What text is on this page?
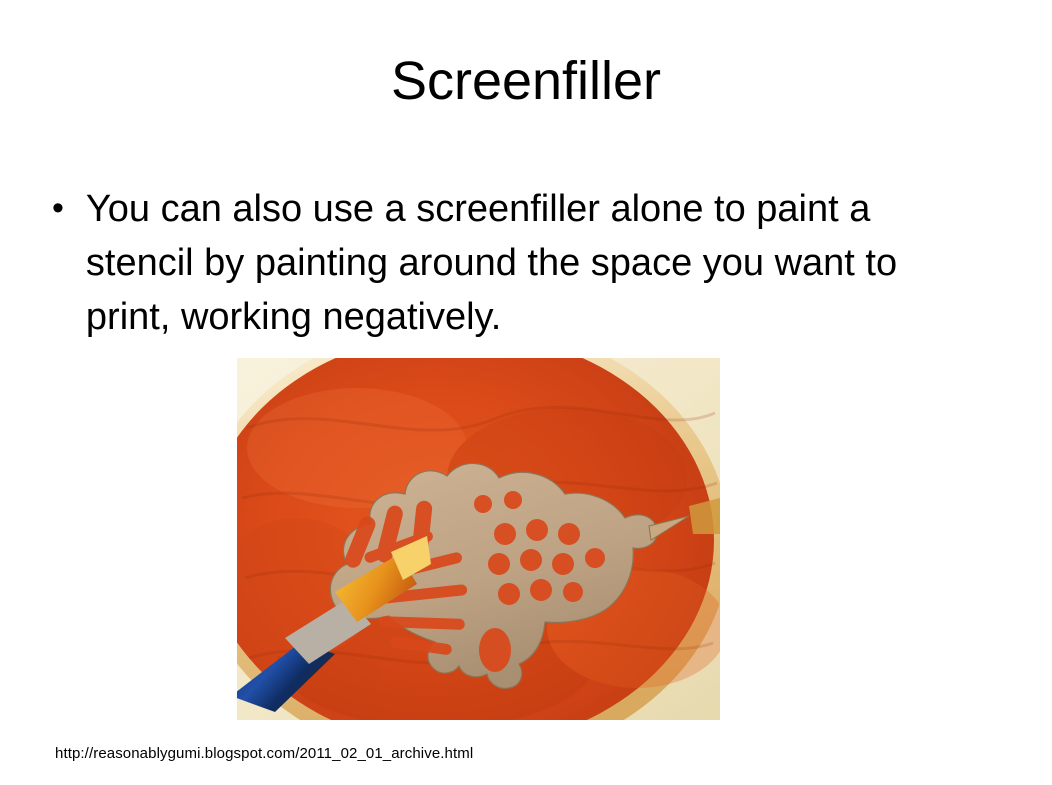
Screenfiller
• You can also use a screenfiller alone to paint a stencil by painting around the space you want to print, working negatively.
http://reasonablygumi.blogspot.com/2011_02_01_archive.html
